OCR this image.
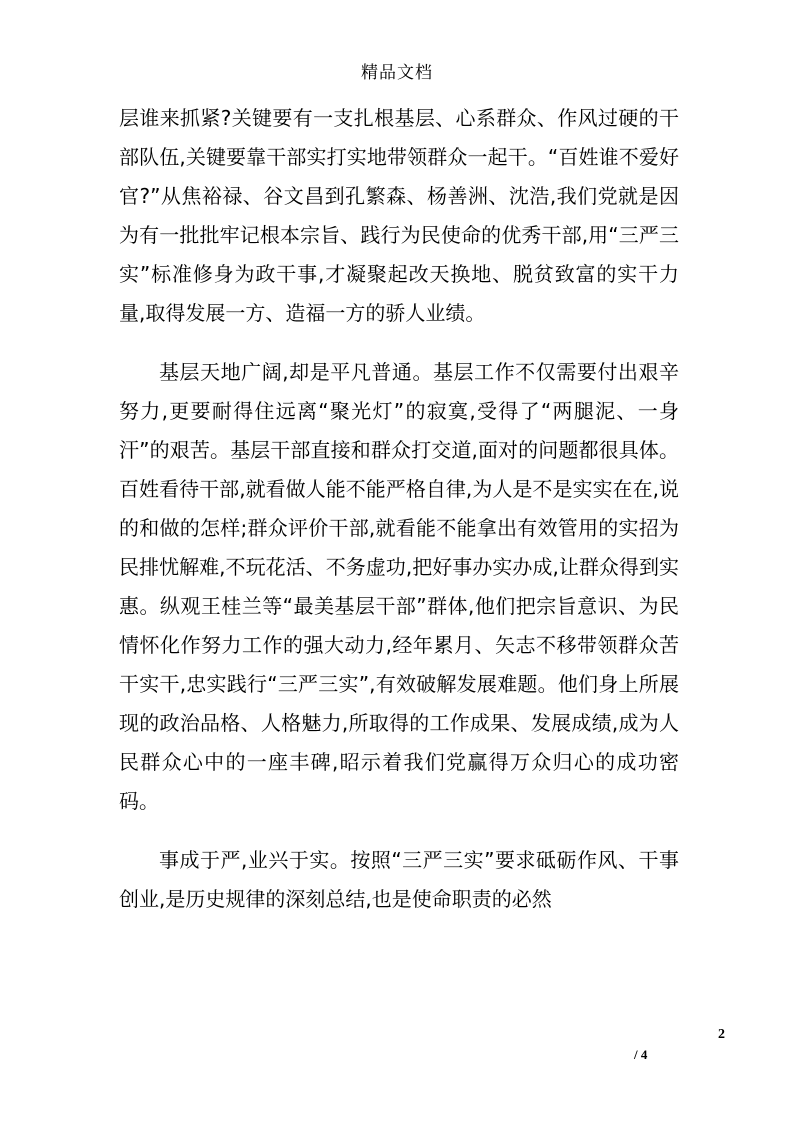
精品文档

层谁来抓紧?关键要有一支扎根基层、心系群众、作风过硬的干部队伍,关键要靠干部实打实地带领群众一起干。“百姓谁不爱好官?”从焦裕禄、谷文昌到孔繁森、杨善洲、沈浩,我们党就是因为有一批批牢记根本宗旨、践行为民使命的优秀干部,用“三严三实”标准修身为政干事,才凝聚起改天换地、脱贫致富的实干力量,取得发展一方、造福一方的骄人业绩。

基层天地广阔,却是平凡普通。基层工作不仅需要付出艰辛努力,更要耐得住远离“聚光灯”的寂寞,受得了“两腿泥、一身汗”的艰苦。基层干部直接和群众打交道,面对的问题都很具体。百姓看待干部,就看做人能不能严格自律,为人是不是实实在在,说的和做的怎样;群众评价干部,就看能不能拿出有效管用的实招为民排忧解难,不玩花活、不务虚功,把好事办实办成,让群众得到实惠。纵观王桂兰等“最美基层干部”群体,他们把宗旨意识、为民情怀化作努力工作的强大动力,经年累月、矢志不移带领群众苦干实干,忠实践行“三严三实”,有效破解发展难题。他们身上所展现的政治品格、人格魅力,所取得的工作成果、发展成绩,成为人民群众心中的一座丰碑,昭示着我们党赢得万众归心的成功密码。

事成于严,业兴于实。按照“三严三实”要求砥砺作风、干事创业,是历史规律的深刻总结,也是使命职责的必然

2
/ 4
